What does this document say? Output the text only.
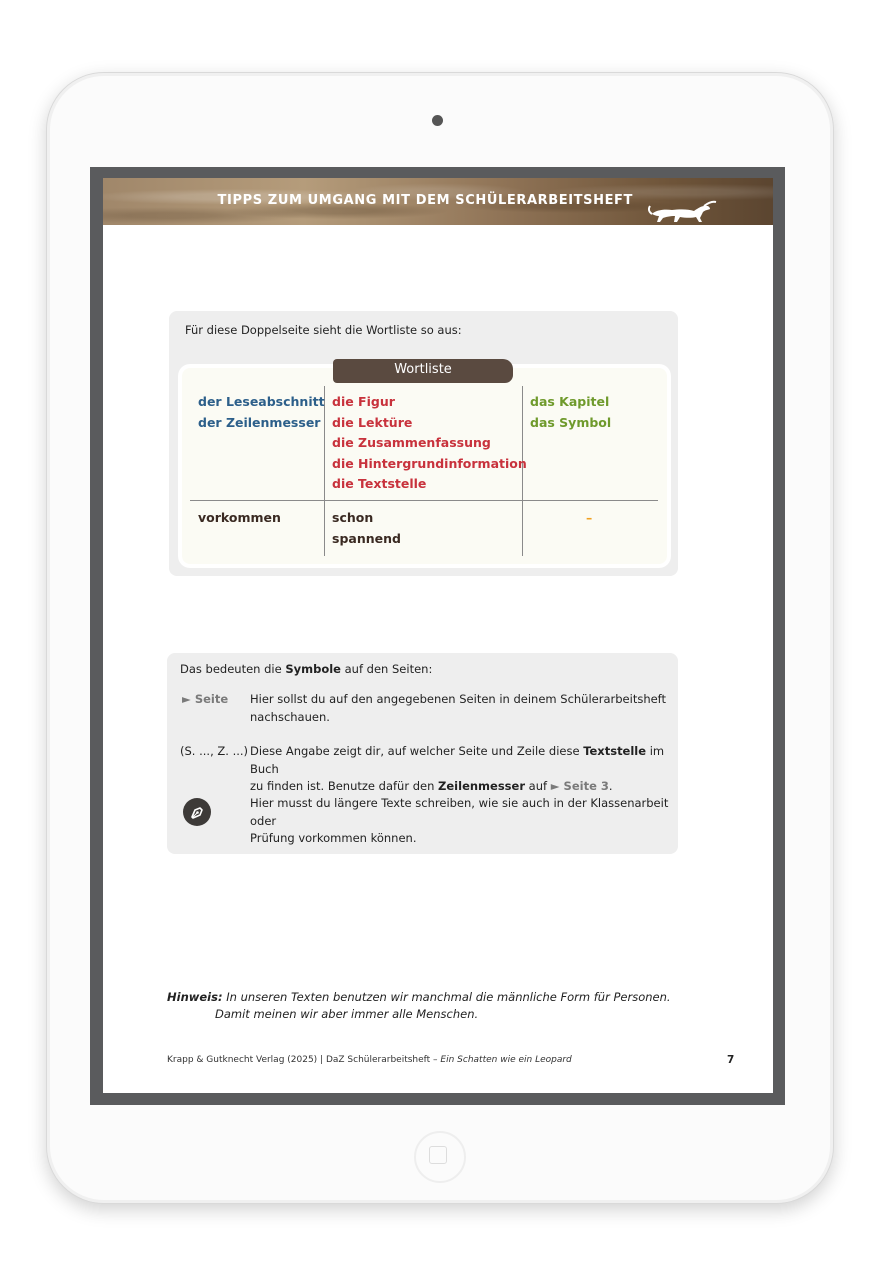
TIPPS ZUM UMGANG MIT DEM SCHÜLERARBEITSHEFT
Für diese Doppelseite sieht die Wortliste so aus:
Wortliste
der Leseabschnitt
der Zeilenmesser
die Figur
die Lektüre
die Zusammenfassung
die Hintergrundinformation
die Textstelle
das Kapitel
das Symbol
vorkommen	schon
spannend
–
Das bedeuten die Symbole auf den Seiten:
► Seite Hier sollst du auf den angegebenen Seiten in deinem Schülerarbeitsheft
nachschauen.
(S. ..., Z. ...) Diese Angabe zeigt dir, auf welcher Seite und Zeile diese Textstelle im Buch
zu finden ist. Benutze dafür den Zeilenmesser auf ► Seite 3.
Hier musst du längere Texte schreiben, wie sie auch in der Klassenarbeit oder
Prüfung vorkommen können.
Hinweis: In unseren Texten benutzen wir manchmal die männliche Form für Personen.
Damit meinen wir aber immer alle Menschen.
Krapp & Gutknecht Verlag (2025) | DaZ Schülerarbeitsheft – Ein Schatten wie ein Leopard	7
